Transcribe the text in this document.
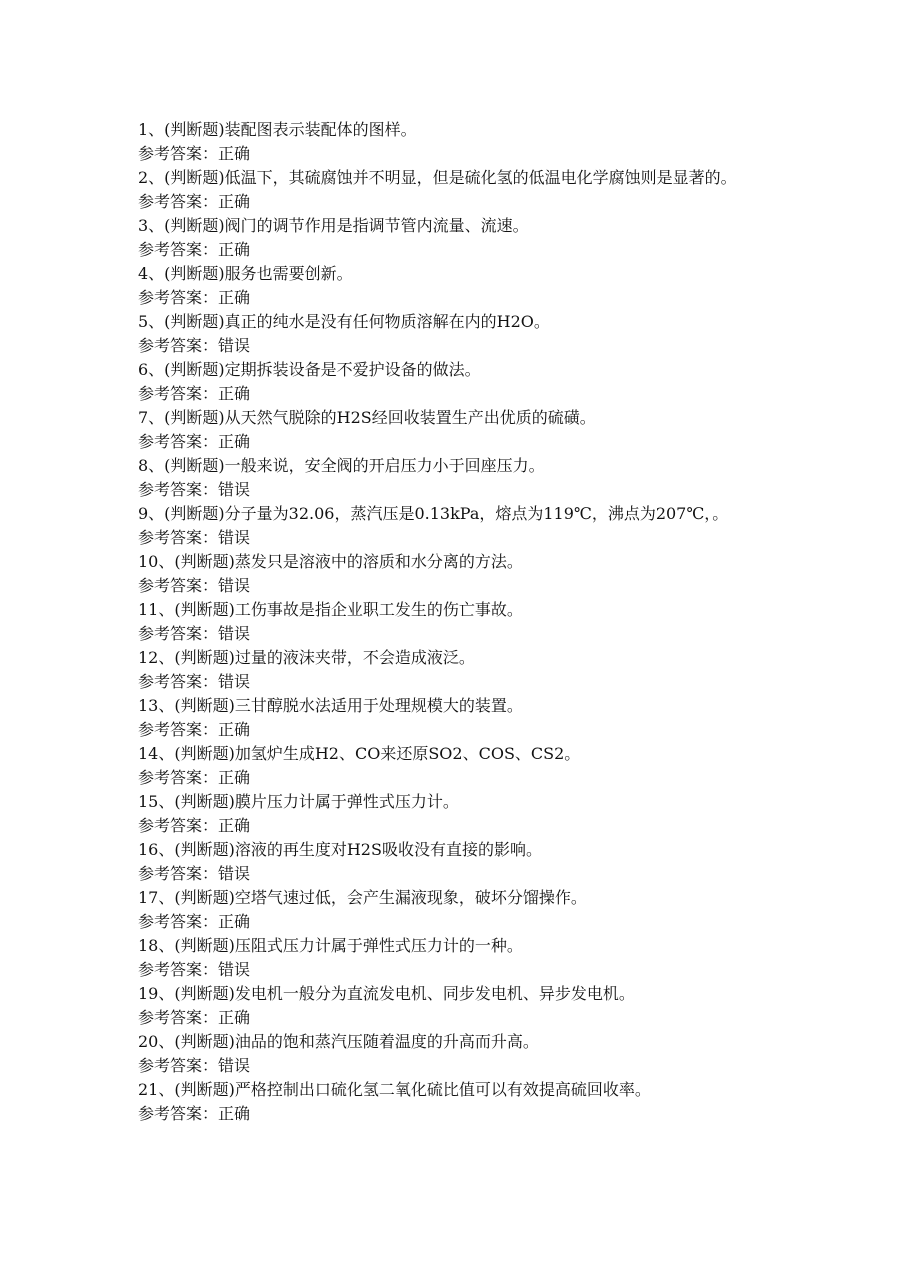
1、(判断题)装配图表示装配体的图样。

参考答案：正确

2、(判断题)低温下，其硫腐蚀并不明显，但是硫化氢的低温电化学腐蚀则是显著的。

参考答案：正确

3、(判断题)阀门的调节作用是指调节管内流量、流速。

参考答案：正确

4、(判断题)服务也需要创新。

参考答案：正确

5、(判断题)真正的纯水是没有任何物质溶解在内的H2O。

参考答案：错误

6、(判断题)定期拆装设备是不爱护设备的做法。

参考答案：正确

7、(判断题)从天然气脱除的H2S经回收装置生产出优质的硫磺。

参考答案：正确

8、(判断题)一般来说，安全阀的开启压力小于回座压力。

参考答案：错误

9、(判断题)分子量为32.06，蒸汽压是0.13kPa，熔点为119℃，沸点为207℃，。

参考答案：错误

10、(判断题)蒸发只是溶液中的溶质和水分离的方法。

参考答案：错误

11、(判断题)工伤事故是指企业职工发生的伤亡事故。

参考答案：错误

12、(判断题)过量的液沫夹带，不会造成液泛。

参考答案：错误

13、(判断题)三甘醇脱水法适用于处理规模大的装置。

参考答案：正确

14、(判断题)加氢炉生成H2、CO来还原SO2、COS、CS2。

参考答案：正确

15、(判断题)膜片压力计属于弹性式压力计。

参考答案：正确

16、(判断题)溶液的再生度对H2S吸收没有直接的影响。

参考答案：错误

17、(判断题)空塔气速过低，会产生漏液现象，破坏分馏操作。

参考答案：正确

18、(判断题)压阻式压力计属于弹性式压力计的一种。

参考答案：错误

19、(判断题)发电机一般分为直流发电机、同步发电机、异步发电机。

参考答案：正确

20、(判断题)油品的饱和蒸汽压随着温度的升高而升高。

参考答案：错误

21、(判断题)严格控制出口硫化氢二氧化硫比值可以有效提高硫回收率。

参考答案：正确
